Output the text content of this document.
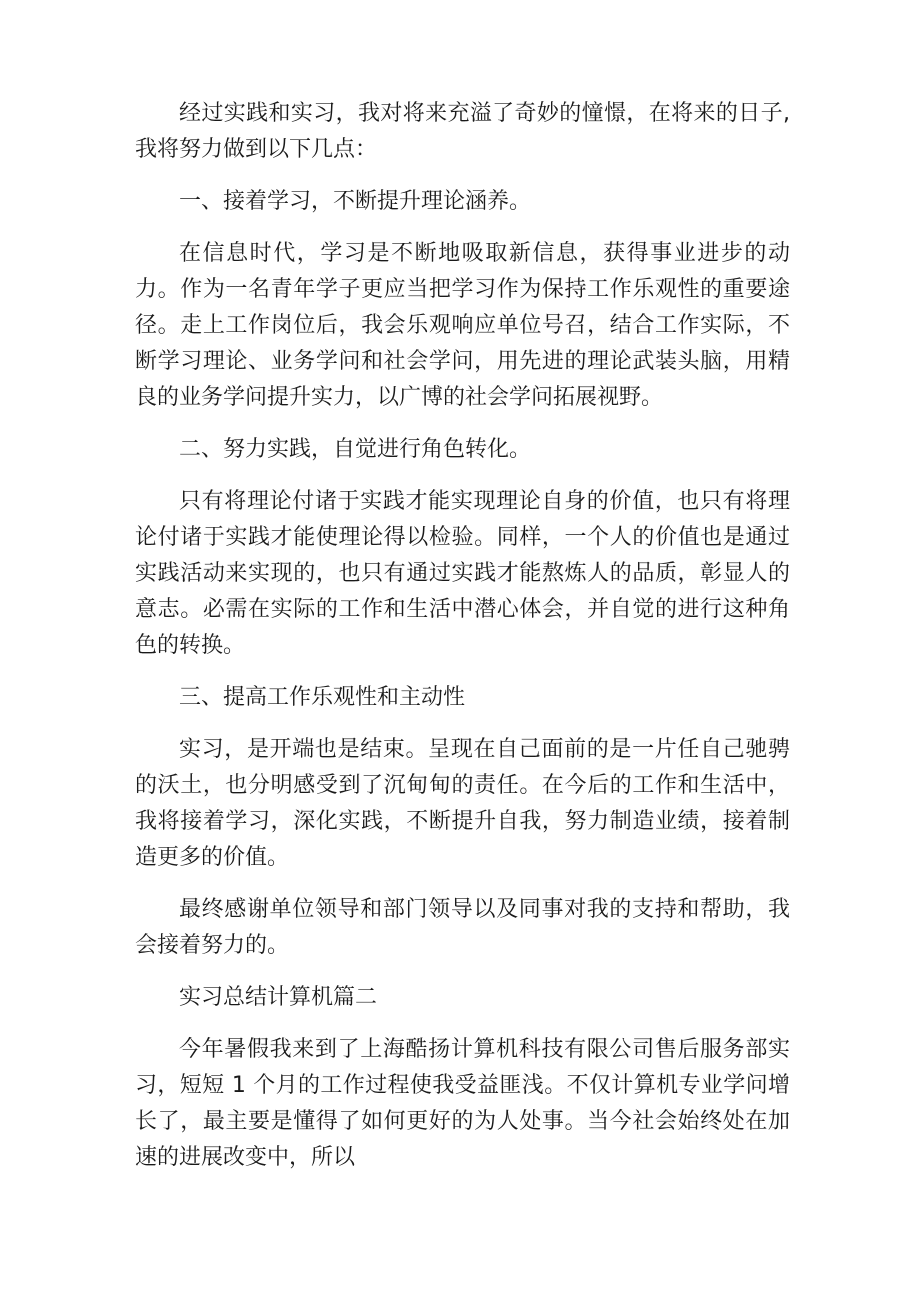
经过实践和实习，我对将来充溢了奇妙的憧憬，在将来的日子,我将努力做到以下几点：

一、接着学习，不断提升理论涵养。

在信息时代，学习是不断地吸取新信息，获得事业进步的动力。作为一名青年学子更应当把学习作为保持工作乐观性的重要途径。走上工作岗位后，我会乐观响应单位号召，结合工作实际，不断学习理论、业务学问和社会学问，用先进的理论武装头脑，用精良的业务学问提升实力，以广博的社会学问拓展视野。

二、努力实践，自觉进行角色转化。

只有将理论付诸于实践才能实现理论自身的价值，也只有将理论付诸于实践才能使理论得以检验。同样，一个人的价值也是通过实践活动来实现的，也只有通过实践才能熬炼人的品质，彰显人的意志。必需在实际的工作和生活中潜心体会，并自觉的进行这种角色的转换。

三、提高工作乐观性和主动性

实习，是开端也是结束。呈现在自己面前的是一片任自己驰骋的沃土，也分明感受到了沉甸甸的责任。在今后的工作和生活中，我将接着学习，深化实践，不断提升自我，努力制造业绩，接着制造更多的价值。

最终感谢单位领导和部门领导以及同事对我的支持和帮助，我会接着努力的。

实习总结计算机篇二

今年暑假我来到了上海酷扬计算机科技有限公司售后服务部实习，短短 1 个月的工作过程使我受益匪浅。不仅计算机专业学问增长了，最主要是懂得了如何更好的为人处事。当今社会始终处在加速的进展改变中，所以
